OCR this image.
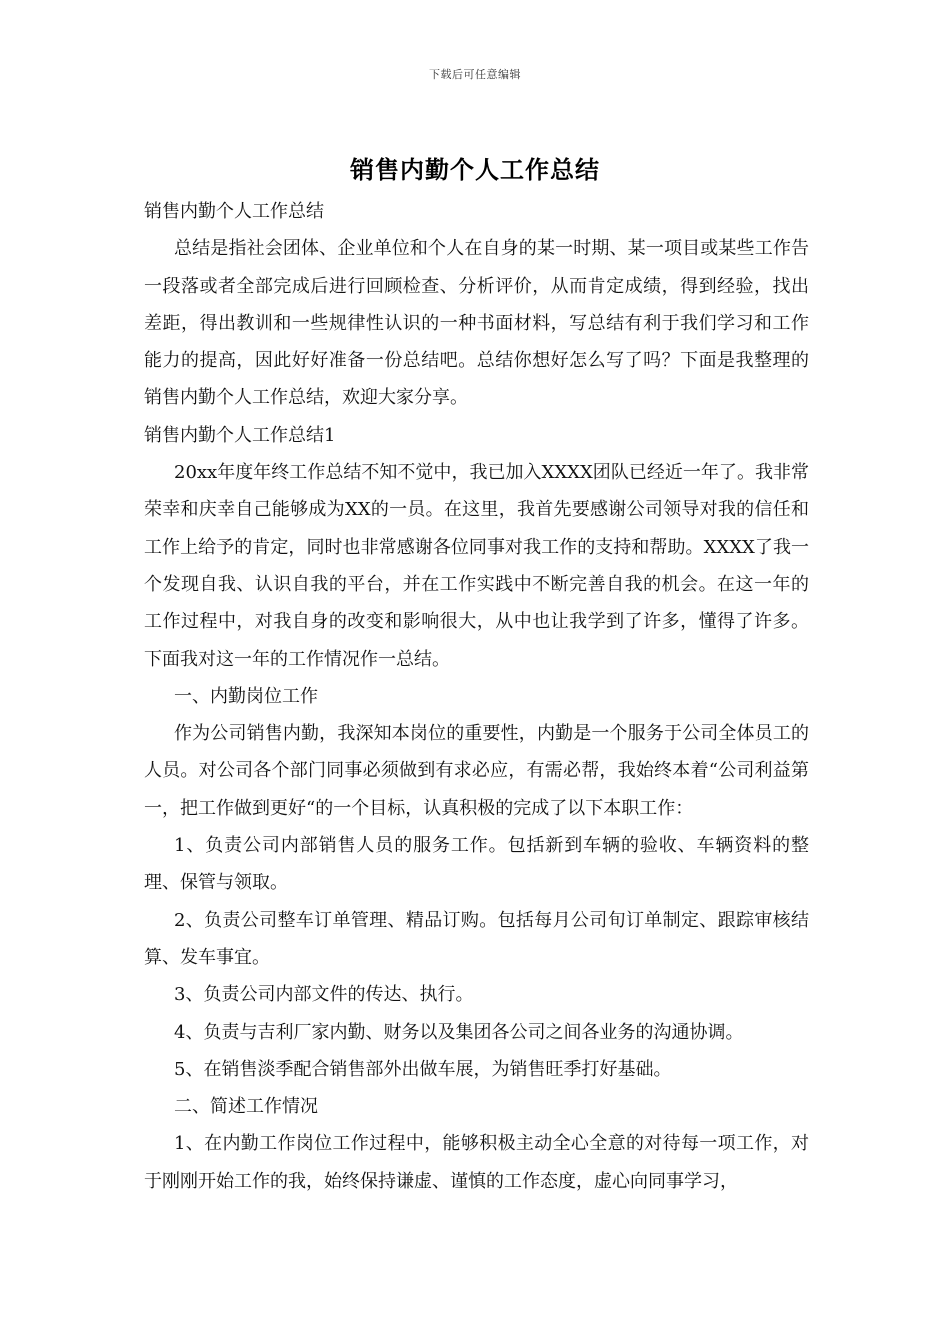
下载后可任意编辑
销售内勤个人工作总结

销售内勤个人工作总结

总结是指社会团体、企业单位和个人在自身的某一时期、某一项目或某些工作告一段落或者全部完成后进行回顾检查、分析评价，从而肯定成绩，得到经验，找出差距，得出教训和一些规律性认识的一种书面材料，写总结有利于我们学习和工作能力的提高，因此好好准备一份总结吧。总结你想好怎么写了吗？下面是我整理的销售内勤个人工作总结，欢迎大家分享。

销售内勤个人工作总结1

20xx年度年终工作总结不知不觉中，我已加入XXXX团队已经近一年了。我非常荣幸和庆幸自己能够成为XX的一员。在这里，我首先要感谢公司领导对我的信任和工作上给予的肯定，同时也非常感谢各位同事对我工作的支持和帮助。XXXX了我一个发现自我、认识自我的平台，并在工作实践中不断完善自我的机会。在这一年的工作过程中，对我自身的改变和影响很大，从中也让我学到了许多，懂得了许多。下面我对这一年的工作情况作一总结。

一、内勤岗位工作

作为公司销售内勤，我深知本岗位的重要性，内勤是一个服务于公司全体员工的人员。对公司各个部门同事必须做到有求必应，有需必帮，我始终本着“公司利益第一，把工作做到更好“的一个目标，认真积极的完成了以下本职工作：

1、负责公司内部销售人员的服务工作。包括新到车辆的验收、车辆资料的整理、保管与领取。

2、负责公司整车订单管理、精品订购。包括每月公司旬订单制定、跟踪审核结算、发车事宜。

3、负责公司内部文件的传达、执行。

4、负责与吉利厂家内勤、财务以及集团各公司之间各业务的沟通协调。

5、在销售淡季配合销售部外出做车展，为销售旺季打好基础。

二、简述工作情况

1、在内勤工作岗位工作过程中，能够积极主动全心全意的对待每一项工作，对于刚刚开始工作的我，始终保持谦虚、谨慎的工作态度，虚心向同事学习，
